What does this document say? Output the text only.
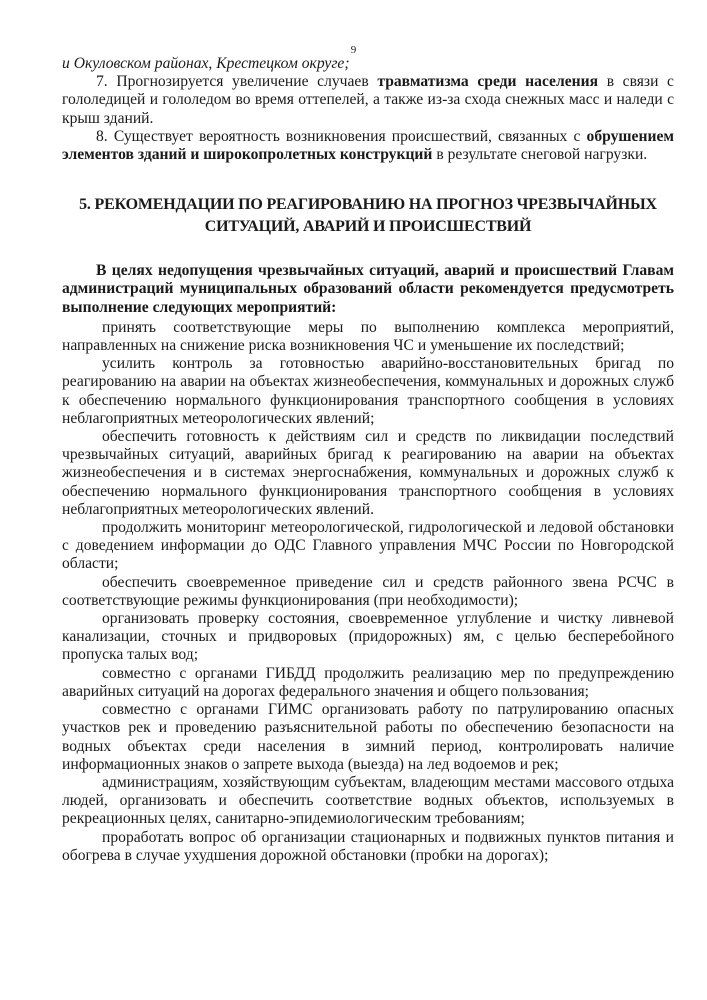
9

и Окуловском районах, Крестецком округе;

7. Прогнозируется увеличение случаев травматизма среди населения в связи с гололедицей и гололедом во время оттепелей, а также из-за схода снежных масс и наледи с крыш зданий.

8. Существует вероятность возникновения происшествий, связанных с обрушением элементов зданий и широкопролетных конструкций в результате снеговой нагрузки.

5. РЕКОМЕНДАЦИИ ПО РЕАГИРОВАНИЮ НА ПРОГНОЗ ЧРЕЗВЫЧАЙНЫХ СИТУАЦИЙ, АВАРИЙ И ПРОИСШЕСТВИЙ

В целях недопущения чрезвычайных ситуаций, аварий и происшествий Главам администраций муниципальных образований области рекомендуется предусмотреть выполнение следующих мероприятий:

принять соответствующие меры по выполнению комплекса мероприятий, направленных на снижение риска возникновения ЧС и уменьшение их последствий;

усилить контроль за готовностью аварийно-восстановительных бригад по реагированию на аварии на объектах жизнеобеспечения, коммунальных и дорожных служб к обеспечению нормального функционирования транспортного сообщения в условиях неблагоприятных метеорологических явлений;

обеспечить готовность к действиям сил и средств по ликвидации последствий чрезвычайных ситуаций, аварийных бригад к реагированию на аварии на объектах жизнеобеспечения и в системах энергоснабжения, коммунальных и дорожных служб к обеспечению нормального функционирования транспортного сообщения в условиях неблагоприятных метеорологических явлений.

продолжить мониторинг метеорологической, гидрологической и ледовой обстановки с доведением информации до ОДС Главного управления МЧС России по Новгородской области;

обеспечить своевременное приведение сил и средств районного звена РСЧС в соответствующие режимы функционирования (при необходимости);

организовать проверку состояния, своевременное углубление и чистку ливневой канализации, сточных и придворовых (придорожных) ям, с целью бесперебойного пропуска талых вод;

совместно с органами ГИБДД продолжить реализацию мер по предупреждению аварийных ситуаций на дорогах федерального значения и общего пользования;

совместно с органами ГИМС организовать работу по патрулированию опасных участков рек и проведению разъяснительной работы по обеспечению безопасности на водных объектах среди населения в зимний период, контролировать наличие информационных знаков о запрете выхода (выезда) на лед водоемов и рек;

администрациям, хозяйствующим субъектам, владеющим местами массового отдыха людей, организовать и обеспечить соответствие водных объектов, используемых в рекреационных целях, санитарно-эпидемиологическим требованиям;

проработать вопрос об организации стационарных и подвижных пунктов питания и обогрева в случае ухудшения дорожной обстановки (пробки на дорогах);
